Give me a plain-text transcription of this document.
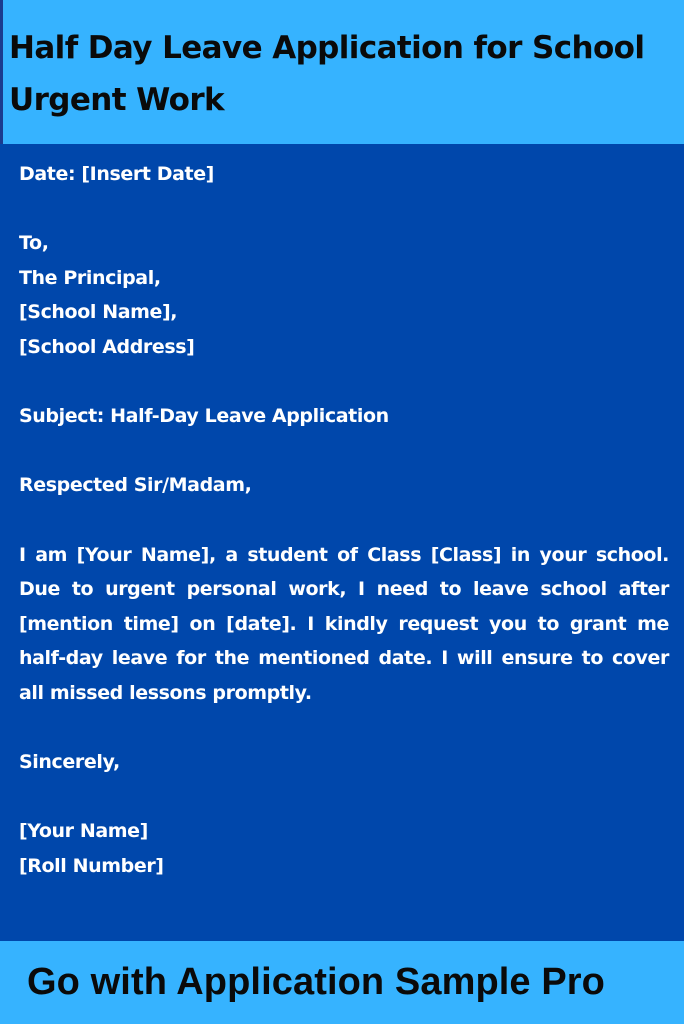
Half Day Leave Application for School Urgent Work
Date: [Insert Date]
To,
The Principal,
[School Name],
[School Address]
Subject: Half-Day Leave Application
Respected Sir/Madam,
I am [Your Name], a student of Class [Class] in your school. Due to urgent personal work, I need to leave school after [mention time] on [date]. I kindly request you to grant me half-day leave for the mentioned date. I will ensure to cover all missed lessons promptly.
Sincerely,
[Your Name]
[Roll Number]
Go with Application Sample Pro
